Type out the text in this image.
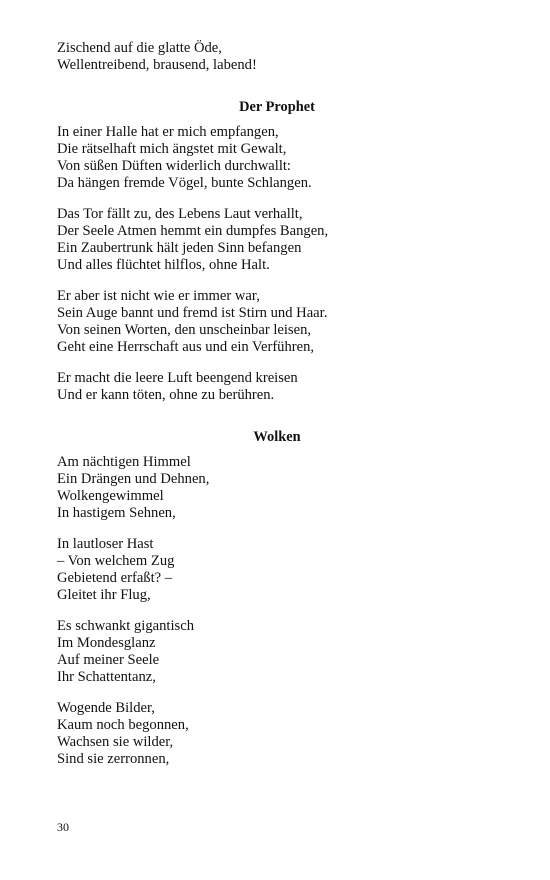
Zischend auf die glatte Öde,
Wellentreibend, brausend, labend!
Der Prophet
In einer Halle hat er mich empfangen,
Die rätselhaft mich ängstet mit Gewalt,
Von süßen Düften widerlich durchwallt:
Da hängen fremde Vögel, bunte Schlangen.
Das Tor fällt zu, des Lebens Laut verhallt,
Der Seele Atmen hemmt ein dumpfes Bangen,
Ein Zaubertrunk hält jeden Sinn befangen
Und alles flüchtet hilflos, ohne Halt.
Er aber ist nicht wie er immer war,
Sein Auge bannt und fremd ist Stirn und Haar.
Von seinen Worten, den unscheinbar leisen,
Geht eine Herrschaft aus und ein Verführen,
Er macht die leere Luft beengend kreisen
Und er kann töten, ohne zu berühren.
Wolken
Am nächtigen Himmel
Ein Drängen und Dehnen,
Wolkengewimmel
In hastigem Sehnen,
In lautloser Hast
– Von welchem Zug
Gebietend erfaßt? –
Gleitet ihr Flug,
Es schwankt gigantisch
Im Mondesglanz
Auf meiner Seele
Ihr Schattentanz,
Wogende Bilder,
Kaum noch begonnen,
Wachsen sie wilder,
Sind sie zerronnen,
30
